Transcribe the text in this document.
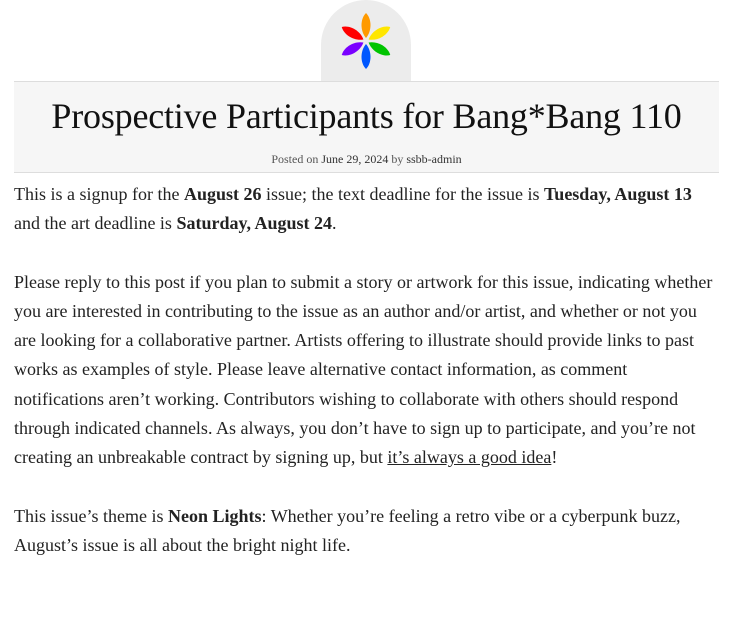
Prospective Participants for Bang*Bang 110
Posted on June 29, 2024 by ssbb-admin

This is a signup for the August 26 issue; the text deadline for the issue is Tuesday, August 13 and the art deadline is Saturday, August 24.

Please reply to this post if you plan to submit a story or artwork for this issue, indicating whether you are interested in contributing to the issue as an author and/or artist, and whether or not you are looking for a collaborative partner. Artists offering to illustrate should provide links to past works as examples of style. Please leave alternative contact information, as comment notifications aren’t working. Contributors wishing to collaborate with others should respond through indicated channels. As always, you don’t have to sign up to participate, and you’re not creating an unbreakable contract by signing up, but it’s always a good idea!

This issue’s theme is Neon Lights: Whether you’re feeling a retro vibe or a cyberpunk buzz, August’s issue is all about the bright night life.
